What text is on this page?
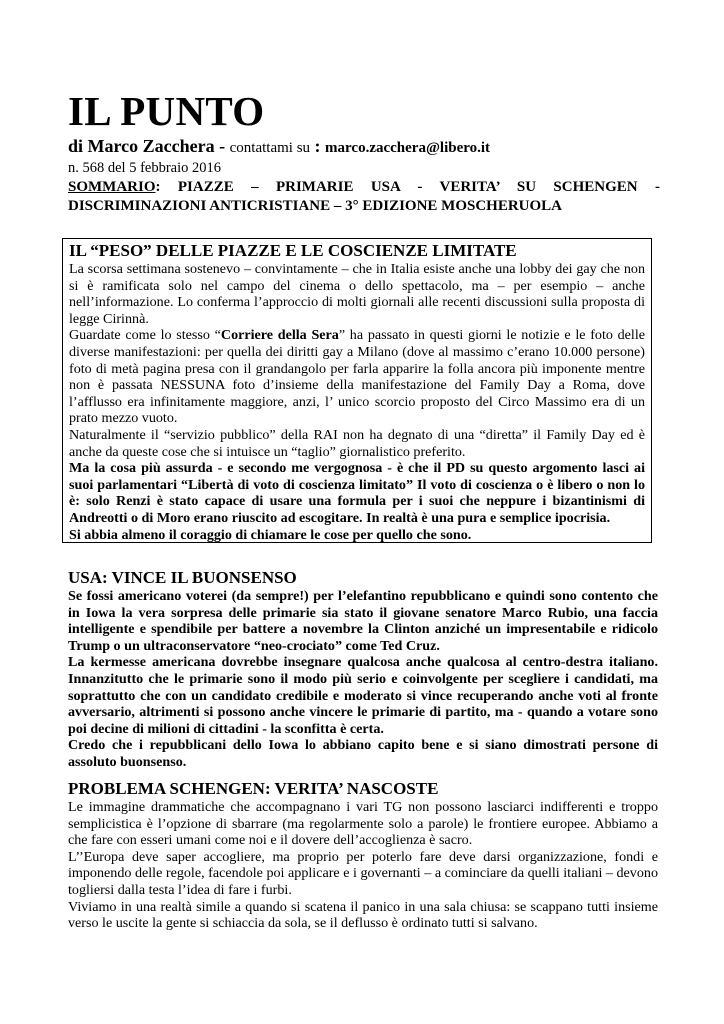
IL PUNTO
di Marco Zacchera - contattami su : marco.zacchera@libero.it
n. 568 del 5 febbraio 2016
SOMMARIO: PIAZZE – PRIMARIE USA - VERITA’ SU SCHENGEN - DISCRIMINAZIONI ANTICRISTIANE – 3° EDIZIONE MOSCHERUOLA
IL “PESO” DELLE PIAZZE E LE COSCIENZE LIMITATE

La scorsa settimana sostenevo – convintamente – che in Italia esiste anche una lobby dei gay che non si è ramificata solo nel campo del cinema o dello spettacolo, ma – per esempio – anche nell’informazione. Lo conferma l’approccio di molti giornali alle recenti discussioni sulla proposta di legge Cirinnà.

Guardate come lo stesso “Corriere della Sera” ha passato in questi giorni le notizie e le foto delle diverse manifestazioni: per quella dei diritti gay a Milano (dove al massimo c’erano 10.000 persone) foto di metà pagina presa con il grandangolo per farla apparire la folla ancora più imponente mentre non è passata NESSUNA foto d’insieme della manifestazione del Family Day a Roma, dove l’afflusso era infinitamente maggiore, anzi, l’ unico scorcio proposto del Circo Massimo era di un prato mezzo vuoto.

Naturalmente il “servizio pubblico” della RAI non ha degnato di una “diretta” il Family Day ed è anche da queste cose che si intuisce un “taglio” giornalistico preferito.

Ma la cosa più assurda - e secondo me vergognosa - è che il PD su questo argomento lasci ai suoi parlamentari “Libertà di voto di coscienza limitato” Il voto di coscienza o è libero o non lo è: solo Renzi è stato capace di usare una formula per i suoi che neppure i bizantinismi di Andreotti o di Moro erano riuscito ad escogitare. In realtà è una pura e semplice ipocrisia.

Si abbia almeno il coraggio di chiamare le cose per quello che sono.

USA: VINCE IL BUONSENSO

Se fossi americano voterei (da sempre!) per l’elefantino repubblicano e quindi sono contento che in Iowa la vera sorpresa delle primarie sia stato il giovane senatore Marco Rubio, una faccia intelligente e spendibile per battere a novembre la Clinton anziché un impresentabile e ridicolo Trump o un ultraconservatore “neo-crociato” come Ted Cruz.

La kermesse americana dovrebbe insegnare qualcosa anche qualcosa al centro-destra italiano. Innanzitutto che le primarie sono il modo più serio e coinvolgente per scegliere i candidati, ma soprattutto che con un candidato credibile e moderato si vince recuperando anche voti al fronte avversario, altrimenti si possono anche vincere le primarie di partito, ma - quando a votare sono poi decine di milioni di cittadini - la sconfitta è certa.

Credo che i repubblicani dello Iowa lo abbiano capito bene e si siano dimostrati persone di assoluto buonsenso.

PROBLEMA SCHENGEN: VERITA’ NASCOSTE

Le immagine drammatiche che accompagnano i vari TG non possono lasciarci indifferenti e troppo semplicistica è l’opzione di sbarrare (ma regolarmente solo a parole) le frontiere europee. Abbiamo a che fare con esseri umani come noi e il dovere dell’accoglienza è sacro.

L’’Europa deve saper accogliere, ma proprio per poterlo fare deve darsi organizzazione, fondi e imponendo delle regole, facendole poi applicare e i governanti – a cominciare da quelli italiani – devono togliersi dalla testa l’idea di fare i furbi.

Viviamo in una realtà simile a quando si scatena il panico in una sala chiusa: se scappano tutti insieme verso le uscite la gente si schiaccia da sola, se il deflusso è ordinato tutti si salvano.
